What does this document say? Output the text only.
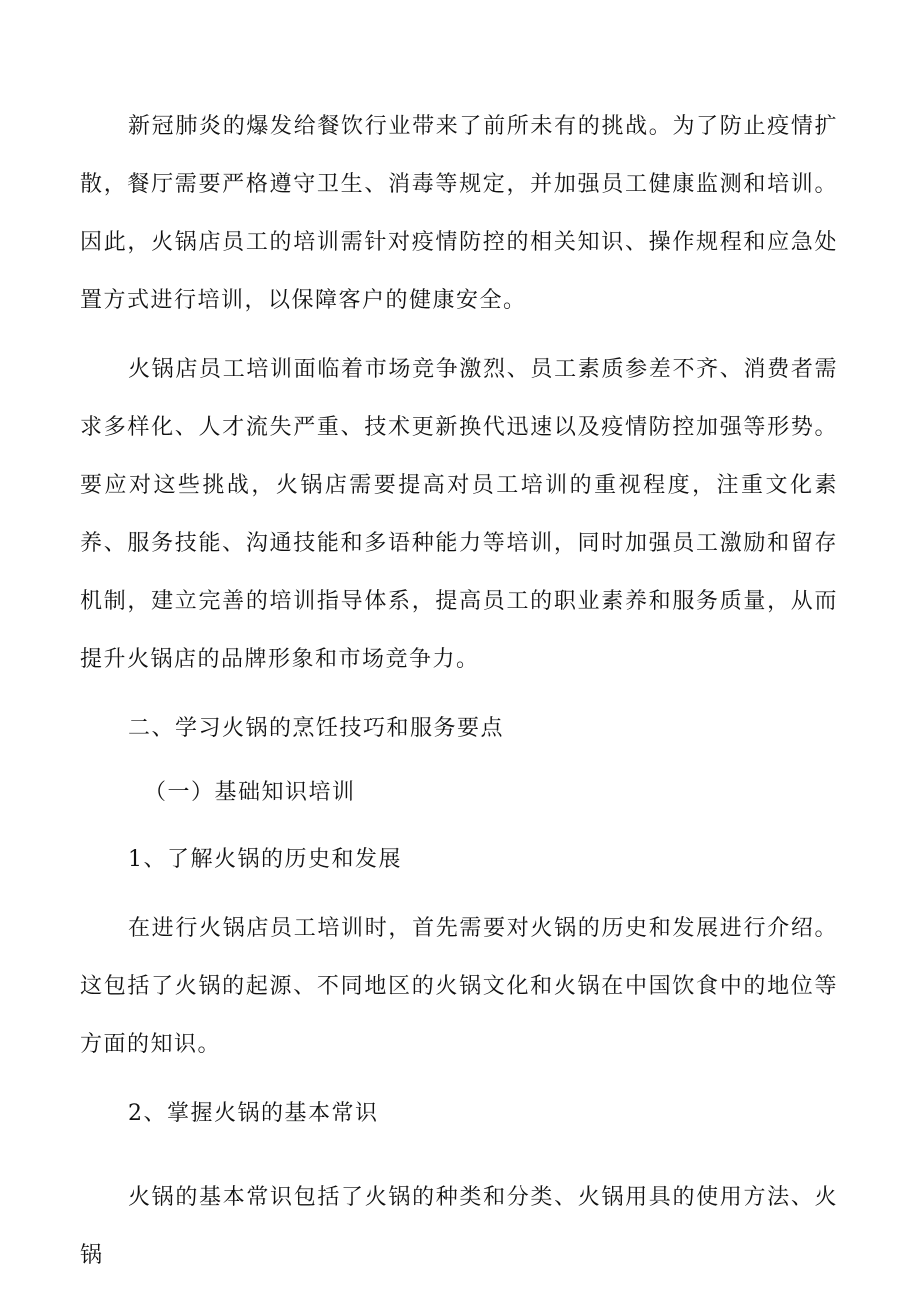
新冠肺炎的爆发给餐饮行业带来了前所未有的挑战。为了防止疫情扩散，餐厅需要严格遵守卫生、消毒等规定，并加强员工健康监测和培训。因此，火锅店员工的培训需针对疫情防控的相关知识、操作规程和应急处置方式进行培训，以保障客户的健康安全。

火锅店员工培训面临着市场竞争激烈、员工素质参差不齐、消费者需求多样化、人才流失严重、技术更新换代迅速以及疫情防控加强等形势。要应对这些挑战，火锅店需要提高对员工培训的重视程度，注重文化素养、服务技能、沟通技能和多语种能力等培训，同时加强员工激励和留存机制，建立完善的培训指导体系，提高员工的职业素养和服务质量，从而提升火锅店的品牌形象和市场竞争力。

二、学习火锅的烹饪技巧和服务要点

（一）基础知识培训

1、了解火锅的历史和发展

在进行火锅店员工培训时，首先需要对火锅的历史和发展进行介绍。这包括了火锅的起源、不同地区的火锅文化和火锅在中国饮食中的地位等方面的知识。

2、掌握火锅的基本常识

火锅的基本常识包括了火锅的种类和分类、火锅用具的使用方法、火锅
